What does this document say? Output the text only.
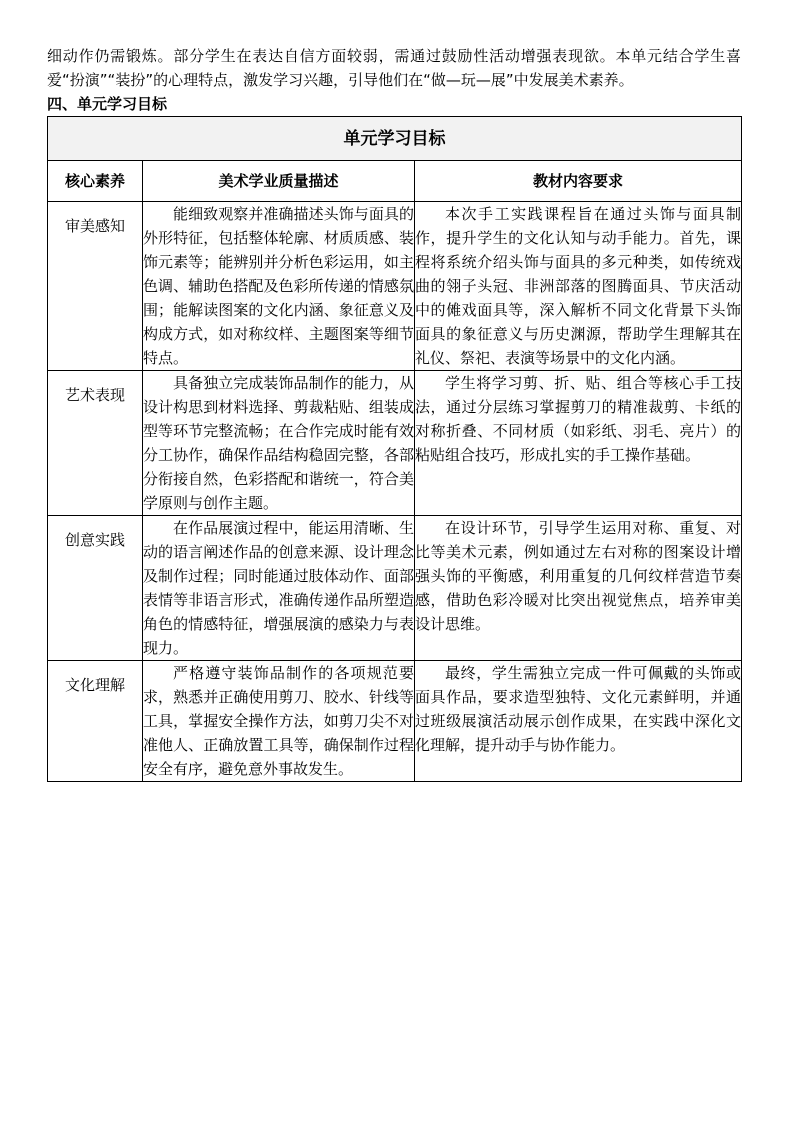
细动作仍需锻炼。部分学生在表达自信方面较弱，需通过鼓励性活动增强表现欲。本单元结合学生喜爱“扮演”“装扮”的心理特点，激发学习兴趣，引导他们在“做—玩—展”中发展美术素养。

四、单元学习目标

单元学习目标		
核心素养	美术学业质量描述	教材内容要求
审美感知	能细致观察并准确描述头饰与面具的外形特征，包括整体轮廓、材质质感、装饰元素等；能辨别并分析色彩运用，如主色调、辅助色搭配及色彩所传递的情感氛围；能解读图案的文化内涵、象征意义及构成方式，如对称纹样、主题图案等细节特点。	本次手工实践课程旨在通过头饰与面具制作，提升学生的文化认知与动手能力。首先，课程将系统介绍头饰与面具的多元种类，如传统戏曲的翎子头冠、非洲部落的图腾面具、节庆活动中的傩戏面具等，深入解析不同文化背景下头饰面具的象征意义与历史渊源，帮助学生理解其在礼仪、祭祀、表演等场景中的文化内涵。
艺术表现	具备独立完成装饰品制作的能力，从设计构思到材料选择、剪裁粘贴、组装成型等环节完整流畅；在合作完成时能有效分工协作，确保作品结构稳固完整，各部分衔接自然，色彩搭配和谐统一，符合美学原则与创作主题。	学生将学习剪、折、贴、组合等核心手工技法，通过分层练习掌握剪刀的精准裁剪、卡纸的对称折叠、不同材质（如彩纸、羽毛、亮片）的粘贴组合技巧，形成扎实的手工操作基础。
创意实践	在作品展演过程中，能运用清晰、生动的语言阐述作品的创意来源、设计理念及制作过程；同时能通过肢体动作、面部表情等非语言形式，准确传递作品所塑造角色的情感特征，增强展演的感染力与表现力。	在设计环节，引导学生运用对称、重复、对比等美术元素，例如通过左右对称的图案设计增强头饰的平衡感，利用重复的几何纹样营造节奏感，借助色彩冷暖对比突出视觉焦点，培养审美设计思维。
文化理解	严格遵守装饰品制作的各项规范要求，熟悉并正确使用剪刀、胶水、针线等工具，掌握安全操作方法，如剪刀尖不对准他人、正确放置工具等，确保制作过程安全有序，避免意外事故发生。	最终，学生需独立完成一件可佩戴的头饰或面具作品，要求造型独特、文化元素鲜明，并通过班级展演活动展示创作成果，在实践中深化文化理解，提升动手与协作能力。
